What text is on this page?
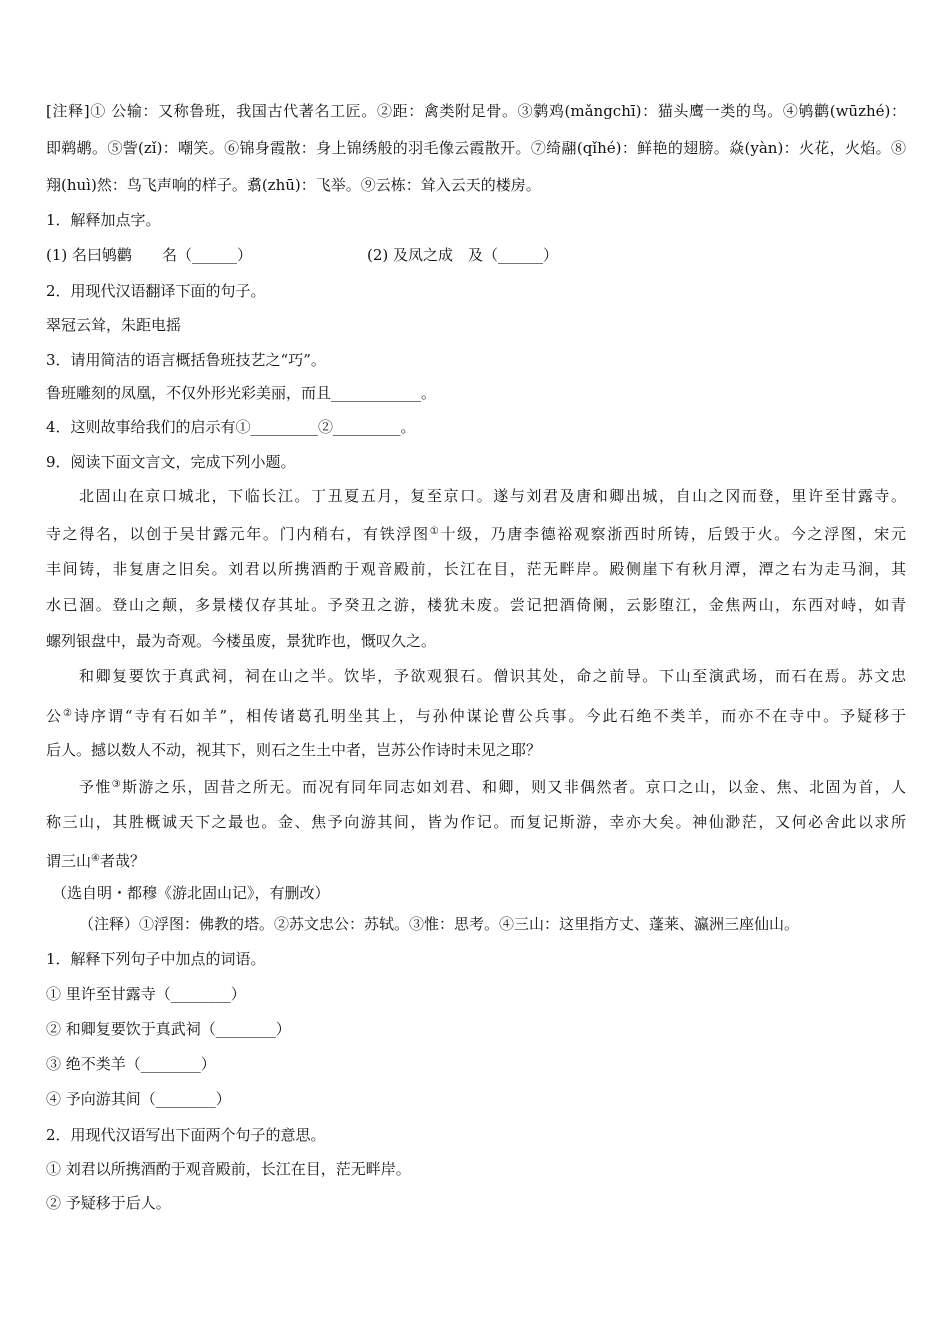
[注释]① 公输：又称鲁班，我国古代著名工匠。②距：禽类附足骨。③鹲鸡(mǎngchī)：猫头鹰一类的鸟。④鸲鹳(wūzhé)：
即鹈鹕。⑤訾(zǐ)：嘲笑。⑥锦身霞散：身上锦绣般的羽毛像云霞散开。⑦绮翮(qǐhé)：鲜艳的翅膀。焱(yàn)：火花，火焰。⑧
翔(huì)然：鸟飞声响的样子。翥(zhū)：飞举。⑨云栋：耸入云天的楼房。
1．解释加点字。
(1) 名曰鸲鹳　　名（______）	(2) 及凤之成　及（______）
2．用现代汉语翻译下面的句子。
翠冠云耸，朱距电摇
3．请用简洁的语言概括鲁班技艺之“巧”。
鲁班雕刻的凤凰，不仅外形光彩美丽，而且____________。
4．这则故事给我们的启示有①_________②_________。
9．阅读下面文言文，完成下列小题。
北固山在京口城北，下临长江。丁丑夏五月，复至京口。遂与刘君及唐和卿出城，自山之冈而登，里许至甘露寺。
寺之得名，以创于吴甘露元年。门内稍右，有铁浮图①十级，乃唐李德裕观察浙西时所铸，后毁于火。今之浮图，宋元
丰间铸，非复唐之旧矣。刘君以所携酒酌于观音殿前，长江在目，茫无畔岸。殿侧崖下有秋月潭，潭之右为走马涧，其
水已涸。登山之颠，多景楼仅存其址。予癸丑之游，楼犹未废。尝记把酒倚阑，云影堕江，金焦两山，东西对峙，如青
螺列银盘中，最为奇观。今楼虽废，景犹昨也，慨叹久之。
和卿复要饮于真武祠，祠在山之半。饮毕，予欲观狠石。僧识其处，命之前导。下山至演武场，而石在焉。苏文忠
公②诗序谓“寺有石如羊”，相传诸葛孔明坐其上，与孙仲谋论曹公兵事。今此石绝不类羊，而亦不在寺中。予疑移于
后人。撼以数人不动，视其下，则石之生土中者，岂苏公作诗时未见之耶？
予惟③斯游之乐，固昔之所无。而况有同年同志如刘君、和卿，则又非偶然者。京口之山，以金、焦、北固为首，人
称三山，其胜概诚天下之最也。金、焦予向游其间，皆为作记。而复记斯游，幸亦大矣。神仙渺茫，又何必舍此以求所
谓三山④者哉？
（选自明・都穆《游北固山记》，有删改）
（注释）①浮图：佛教的塔。②苏文忠公：苏轼。③惟：思考。④三山：这里指方丈、蓬莱、瀛洲三座仙山。
1．解释下列句子中加点的词语。
① 里许至甘露寺（________）
② 和卿复要饮于真武祠（________）
③ 绝不类羊（________）
④ 予向游其间（________）
2．用现代汉语写出下面两个句子的意思。
① 刘君以所携酒酌于观音殿前，长江在目，茫无畔岸。
② 予疑移于后人。
